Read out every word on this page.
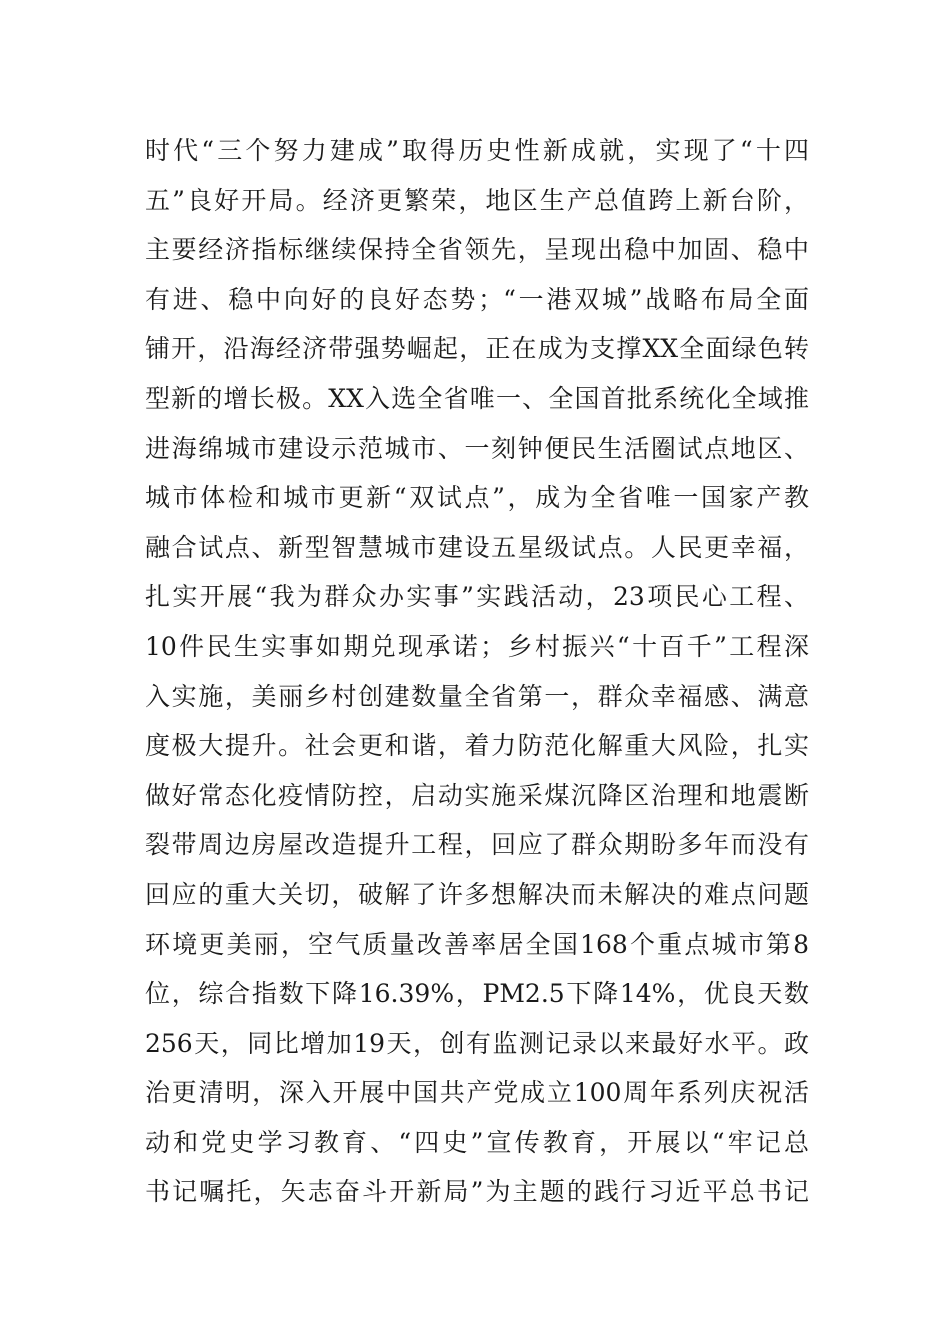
时代“三个努力建成”取得历史性新成就，实现了“十四
五”良好开局。经济更繁荣，地区生产总值跨上新台阶，
主要经济指标继续保持全省领先，呈现出稳中加固、稳中
有进、稳中向好的良好态势；“一港双城”战略布局全面
铺开，沿海经济带强势崛起，正在成为支撑XX全面绿色转
型新的增长极。XX入选全省唯一、全国首批系统化全域推
进海绵城市建设示范城市、一刻钟便民生活圈试点地区、
城市体检和城市更新“双试点”，成为全省唯一国家产教
融合试点、新型智慧城市建设五星级试点。人民更幸福，
扎实开展“我为群众办实事”实践活动，23项民心工程、
10件民生实事如期兑现承诺；乡村振兴“十百千”工程深
入实施，美丽乡村创建数量全省第一，群众幸福感、满意
度极大提升。社会更和谐，着力防范化解重大风险，扎实
做好常态化疫情防控，启动实施采煤沉降区治理和地震断
裂带周边房屋改造提升工程，回应了群众期盼多年而没有
回应的重大关切，破解了许多想解决而未解决的难点问题
环境更美丽，空气质量改善率居全国168个重点城市第8
位，综合指数下降16.39%，PM2.5下降14%，优良天数
256天，同比增加19天，创有监测记录以来最好水平。政
治更清明，深入开展中国共产党成立100周年系列庆祝活
动和党史学习教育、“四史”宣传教育，开展以“牢记总
书记嘱托，矢志奋斗开新局”为主题的践行习近平总书记
